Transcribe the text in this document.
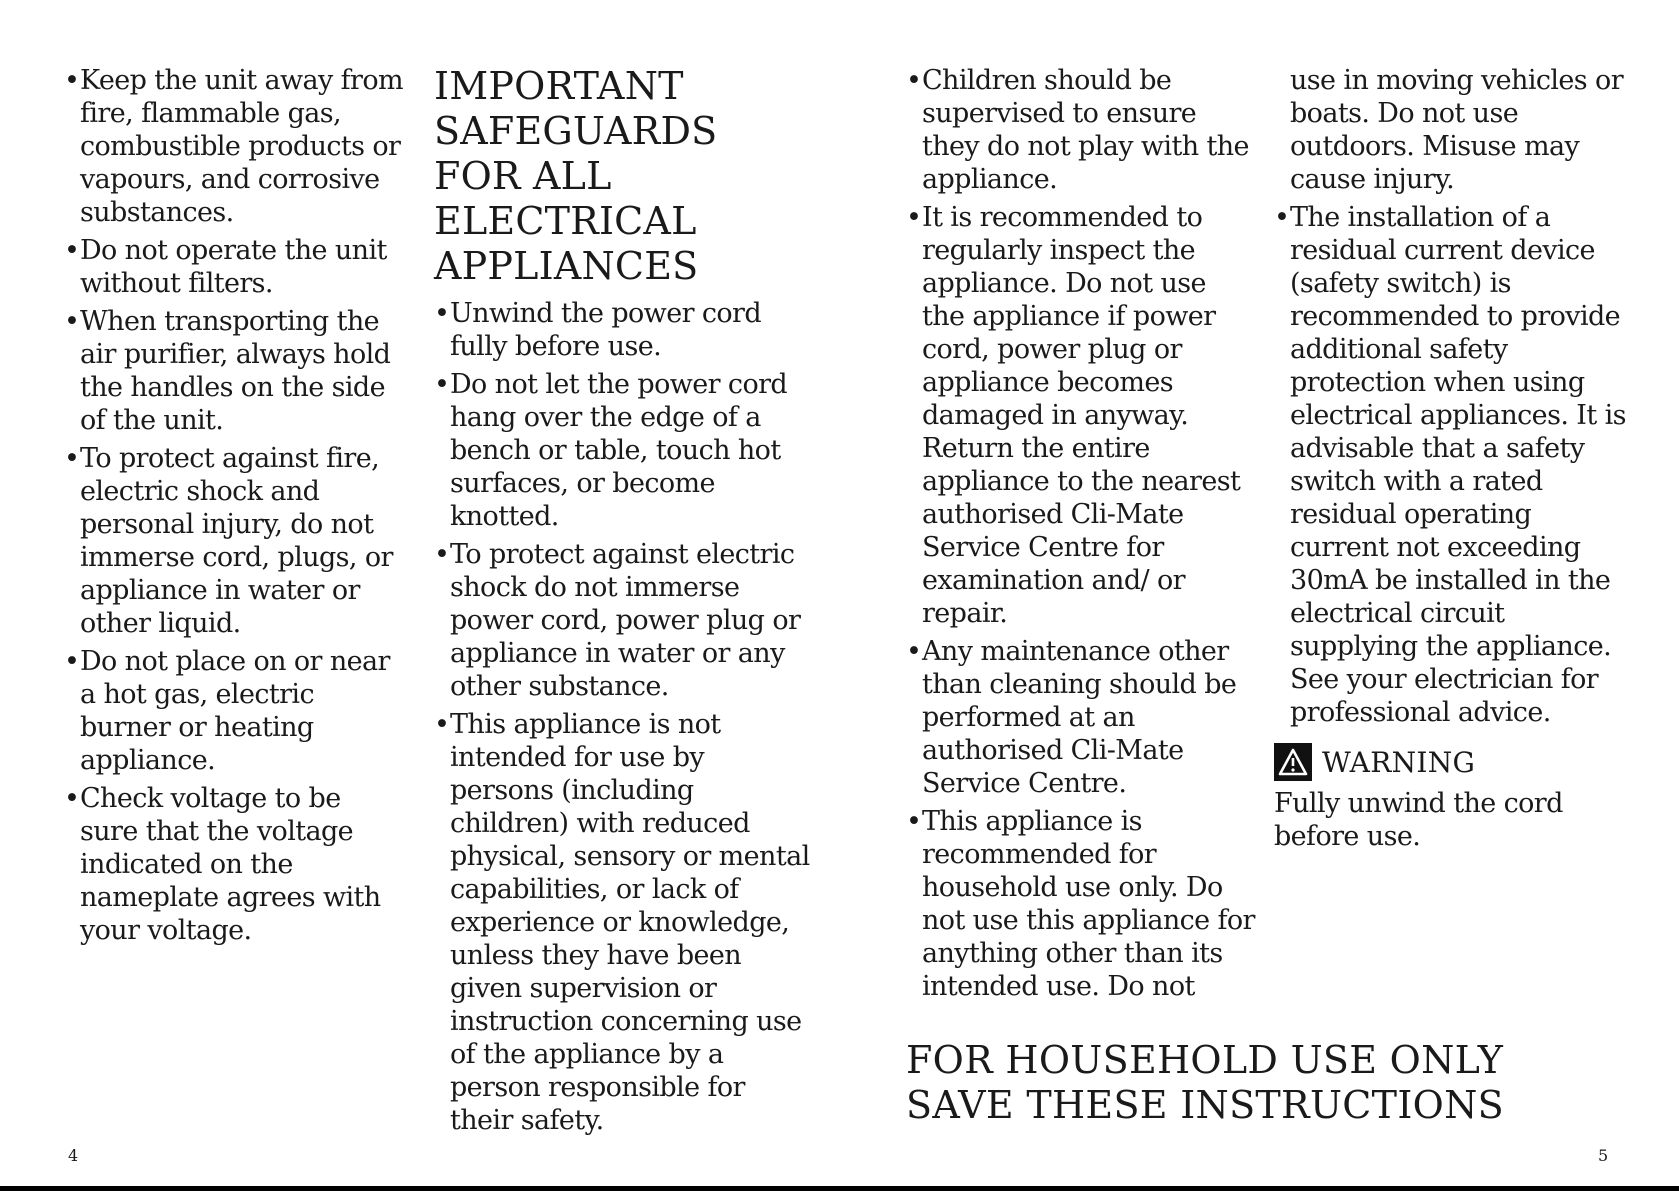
• Keep the unit away from fire, flammable gas, combustible products or vapours, and corrosive substances.
• Do not operate the unit without filters.
• When transporting the air purifier, always hold the handles on the side of the unit.
• To protect against fire, electric shock and personal injury, do not immerse cord, plugs, or appliance in water or other liquid.
• Do not place on or near a hot gas, electric burner or heating appliance.
• Check voltage to be sure that the voltage indicated on the nameplate agrees with your voltage.
IMPORTANT
SAFEGUARDS
FOR ALL
ELECTRICAL
APPLIANCES
• Unwind the power cord fully before use.
• Do not let the power cord hang over the edge of a bench or table, touch hot surfaces, or become knotted.
• To protect against electric shock do not immerse power cord, power plug or appliance in water or any other substance.
• This appliance is not intended for use by persons (including children) with reduced physical, sensory or mental capabilities, or lack of experience or knowledge, unless they have been given supervision or instruction concerning use of the appliance by a person responsible for their safety.
• Children should be supervised to ensure they do not play with the appliance.
• It is recommended to regularly inspect the appliance. Do not use the appliance if power cord, power plug or appliance becomes damaged in anyway. Return the entire appliance to the nearest authorised Cli-Mate Service Centre for examination and/ or repair.
• Any maintenance other than cleaning should be performed at an authorised Cli-Mate Service Centre.
• This appliance is recommended for household use only. Do not use this appliance for anything other than its intended use. Do not

use in moving vehicles or boats. Do not use outdoors. Misuse may cause injury.

• The installation of a residual current device (safety switch) is recommended to provide additional safety protection when using electrical appliances. It is advisable that a safety switch with a rated residual operating current not exceeding 30mA be installed in the electrical circuit supplying the appliance. See your electrician for professional advice.
WARNING

Fully unwind the cord before use.

FOR HOUSEHOLD USE ONLY
SAVE THESE INSTRUCTIONS
4	5
